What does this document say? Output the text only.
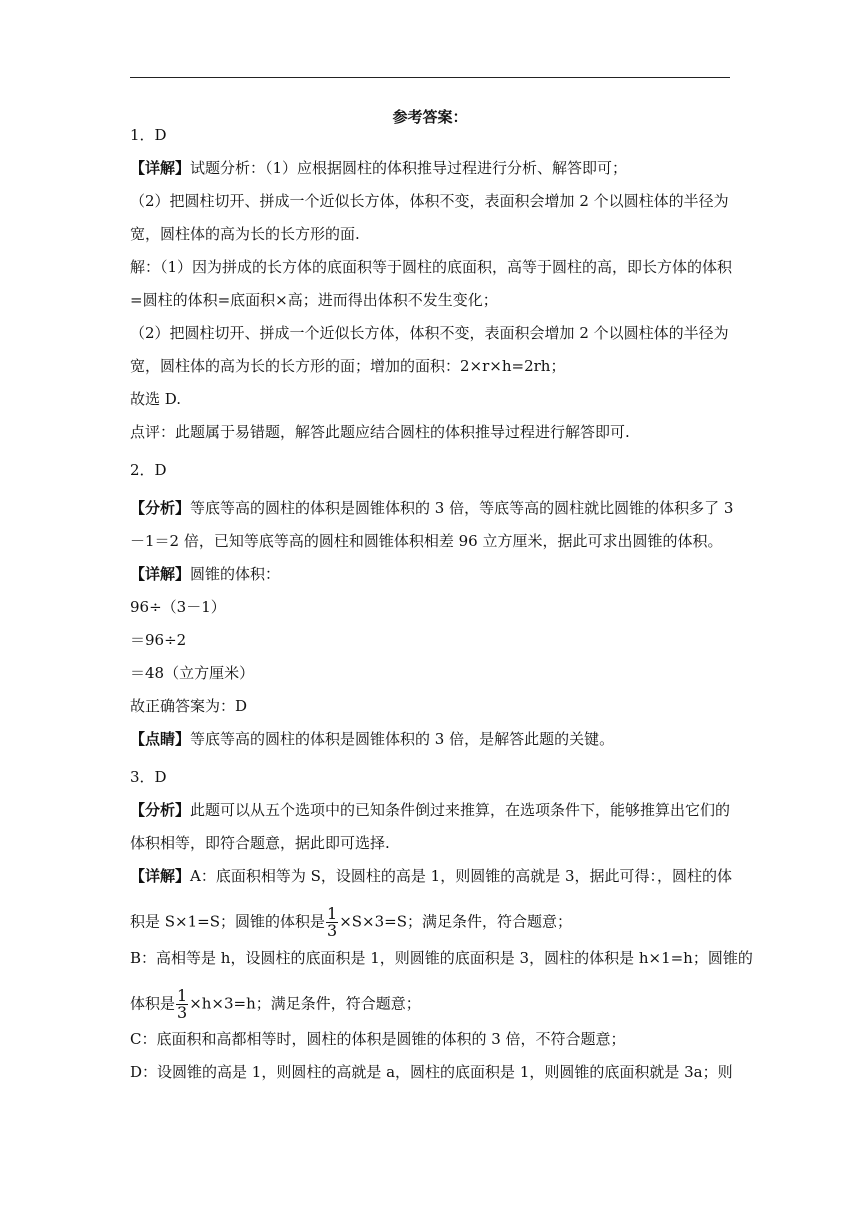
参考答案：
1．D
【详解】试题分析：（1）应根据圆柱的体积推导过程进行分析、解答即可；
（2）把圆柱切开、拼成一个近似长方体，体积不变，表面积会增加 2 个以圆柱体的半径为
宽，圆柱体的高为长的长方形的面.
解：（1）因为拼成的长方体的底面积等于圆柱的底面积，高等于圆柱的高，即长方体的体积
=圆柱的体积=底面积×高；进而得出体积不发生变化；
（2）把圆柱切开、拼成一个近似长方体，体积不变，表面积会增加 2 个以圆柱体的半径为
宽，圆柱体的高为长的长方形的面；增加的面积：2×r×h=2rh；
故选 D.
点评：此题属于易错题，解答此题应结合圆柱的体积推导过程进行解答即可.
2．D
【分析】等底等高的圆柱的体积是圆锥体积的 3 倍，等底等高的圆柱就比圆锥的体积多了 3
－1＝2 倍，已知等底等高的圆柱和圆锥体积相差 96 立方厘米，据此可求出圆锥的体积。
【详解】圆锥的体积：
96÷（3－1）
＝96÷2
＝48（立方厘米）
故正确答案为：D
【点睛】等底等高的圆柱的体积是圆锥体积的 3 倍，是解答此题的关键。
3．D
【分析】此题可以从五个选项中的已知条件倒过来推算，在选项条件下，能够推算出它们的
体积相等，即符合题意，据此即可选择.
【详解】A：底面积相等为 S，设圆柱的高是 1，则圆锥的高就是 3，据此可得：，圆柱的体
积是 S×1=S；圆锥的体积是 $\frac{1}{3} \times S\times 3=S$；满足条件，符合题意；
B：高相等是 h，设圆柱的底面积是 1，则圆锥的底面积是 3，圆柱的体积是 h×1=h；圆锥的
体积是 $\frac{1}{3} \times h\times 3=h$；满足条件，符合题意；
C：底面积和高都相等时，圆柱的体积是圆锥的体积的 3 倍，不符合题意；
D：设圆锥的高是 1，则圆柱的高就是 a，圆柱的底面积是 1，则圆锥的底面积就是 3a；则
